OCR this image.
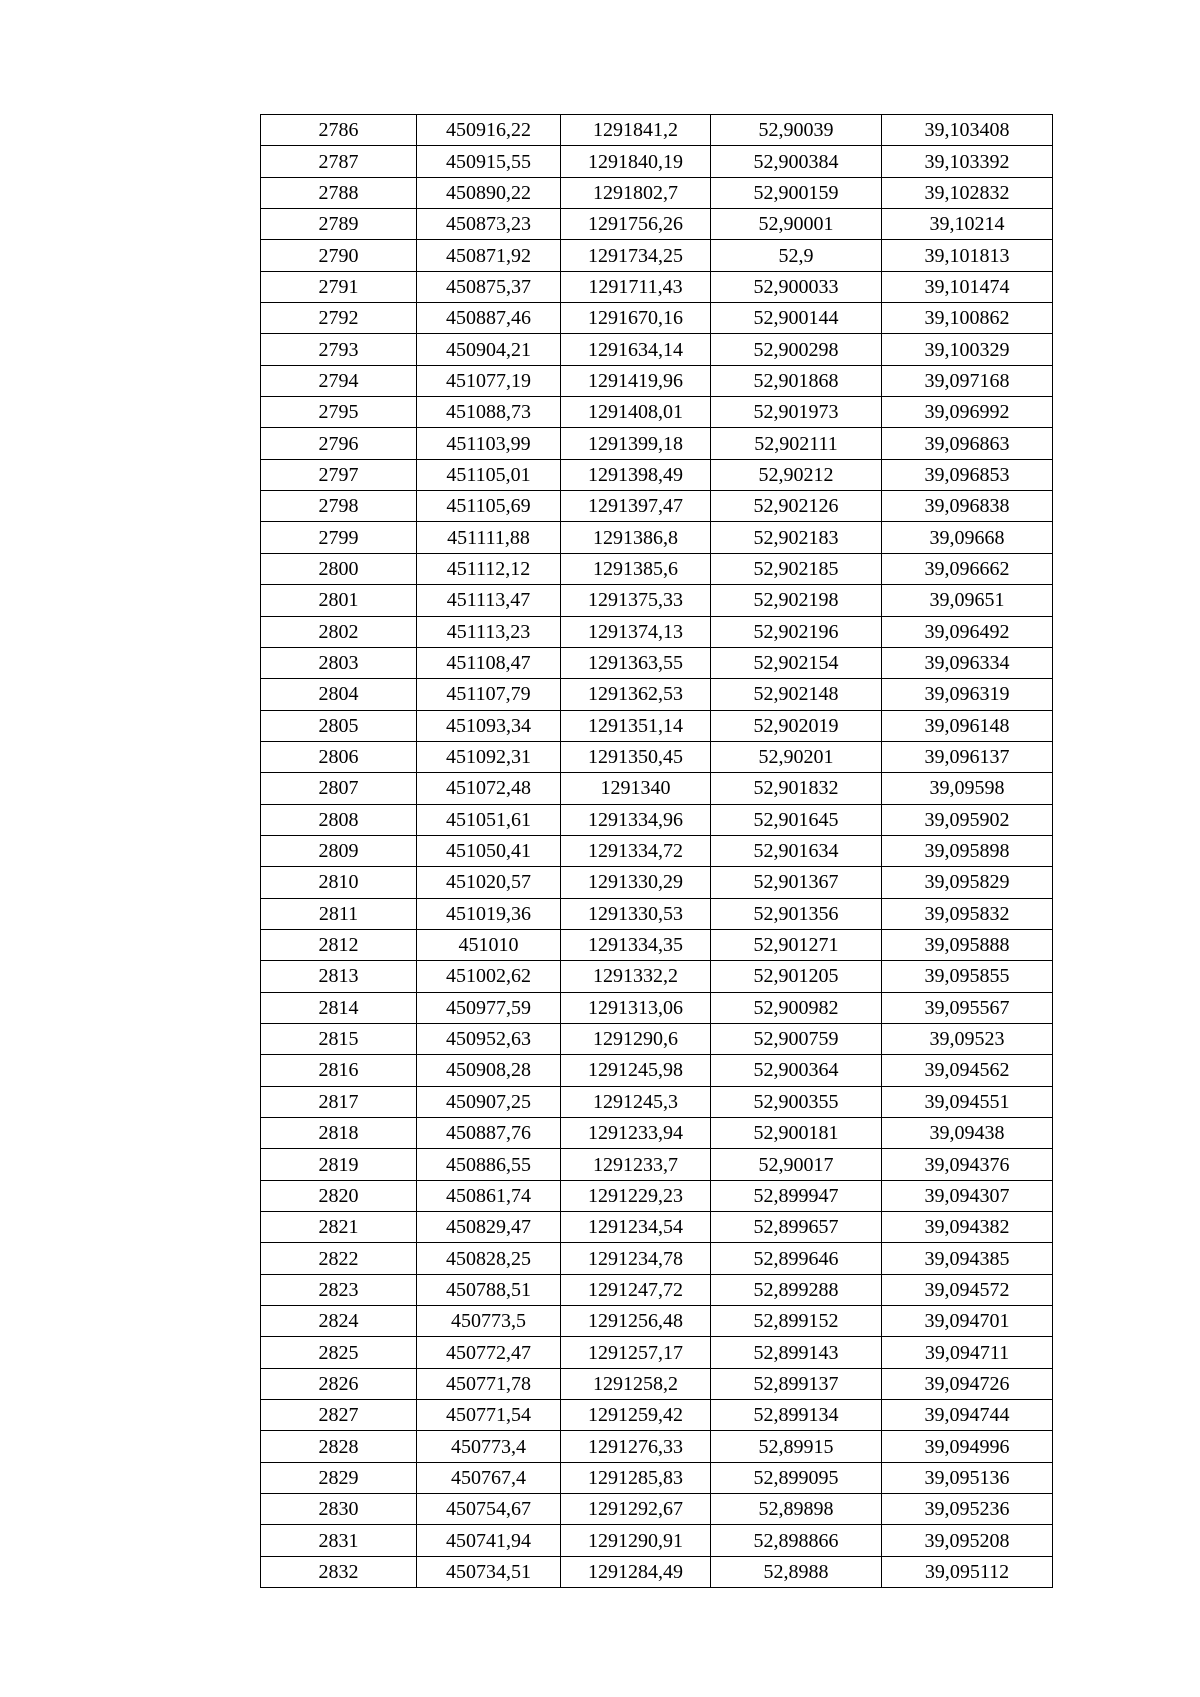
2786	450916,22	1291841,2	52,90039	39,103408
2787	450915,55	1291840,19	52,900384	39,103392
2788	450890,22	1291802,7	52,900159	39,102832
2789	450873,23	1291756,26	52,90001	39,10214
2790	450871,92	1291734,25	52,9	39,101813
2791	450875,37	1291711,43	52,900033	39,101474
2792	450887,46	1291670,16	52,900144	39,100862
2793	450904,21	1291634,14	52,900298	39,100329
2794	451077,19	1291419,96	52,901868	39,097168
2795	451088,73	1291408,01	52,901973	39,096992
2796	451103,99	1291399,18	52,902111	39,096863
2797	451105,01	1291398,49	52,90212	39,096853
2798	451105,69	1291397,47	52,902126	39,096838
2799	451111,88	1291386,8	52,902183	39,09668
2800	451112,12	1291385,6	52,902185	39,096662
2801	451113,47	1291375,33	52,902198	39,09651
2802	451113,23	1291374,13	52,902196	39,096492
2803	451108,47	1291363,55	52,902154	39,096334
2804	451107,79	1291362,53	52,902148	39,096319
2805	451093,34	1291351,14	52,902019	39,096148
2806	451092,31	1291350,45	52,90201	39,096137
2807	451072,48	1291340	52,901832	39,09598
2808	451051,61	1291334,96	52,901645	39,095902
2809	451050,41	1291334,72	52,901634	39,095898
2810	451020,57	1291330,29	52,901367	39,095829
2811	451019,36	1291330,53	52,901356	39,095832
2812	451010	1291334,35	52,901271	39,095888
2813	451002,62	1291332,2	52,901205	39,095855
2814	450977,59	1291313,06	52,900982	39,095567
2815	450952,63	1291290,6	52,900759	39,09523
2816	450908,28	1291245,98	52,900364	39,094562
2817	450907,25	1291245,3	52,900355	39,094551
2818	450887,76	1291233,94	52,900181	39,09438
2819	450886,55	1291233,7	52,90017	39,094376
2820	450861,74	1291229,23	52,899947	39,094307
2821	450829,47	1291234,54	52,899657	39,094382
2822	450828,25	1291234,78	52,899646	39,094385
2823	450788,51	1291247,72	52,899288	39,094572
2824	450773,5	1291256,48	52,899152	39,094701
2825	450772,47	1291257,17	52,899143	39,094711
2826	450771,78	1291258,2	52,899137	39,094726
2827	450771,54	1291259,42	52,899134	39,094744
2828	450773,4	1291276,33	52,89915	39,094996
2829	450767,4	1291285,83	52,899095	39,095136
2830	450754,67	1291292,67	52,89898	39,095236
2831	450741,94	1291290,91	52,898866	39,095208
2832	450734,51	1291284,49	52,8988	39,095112
